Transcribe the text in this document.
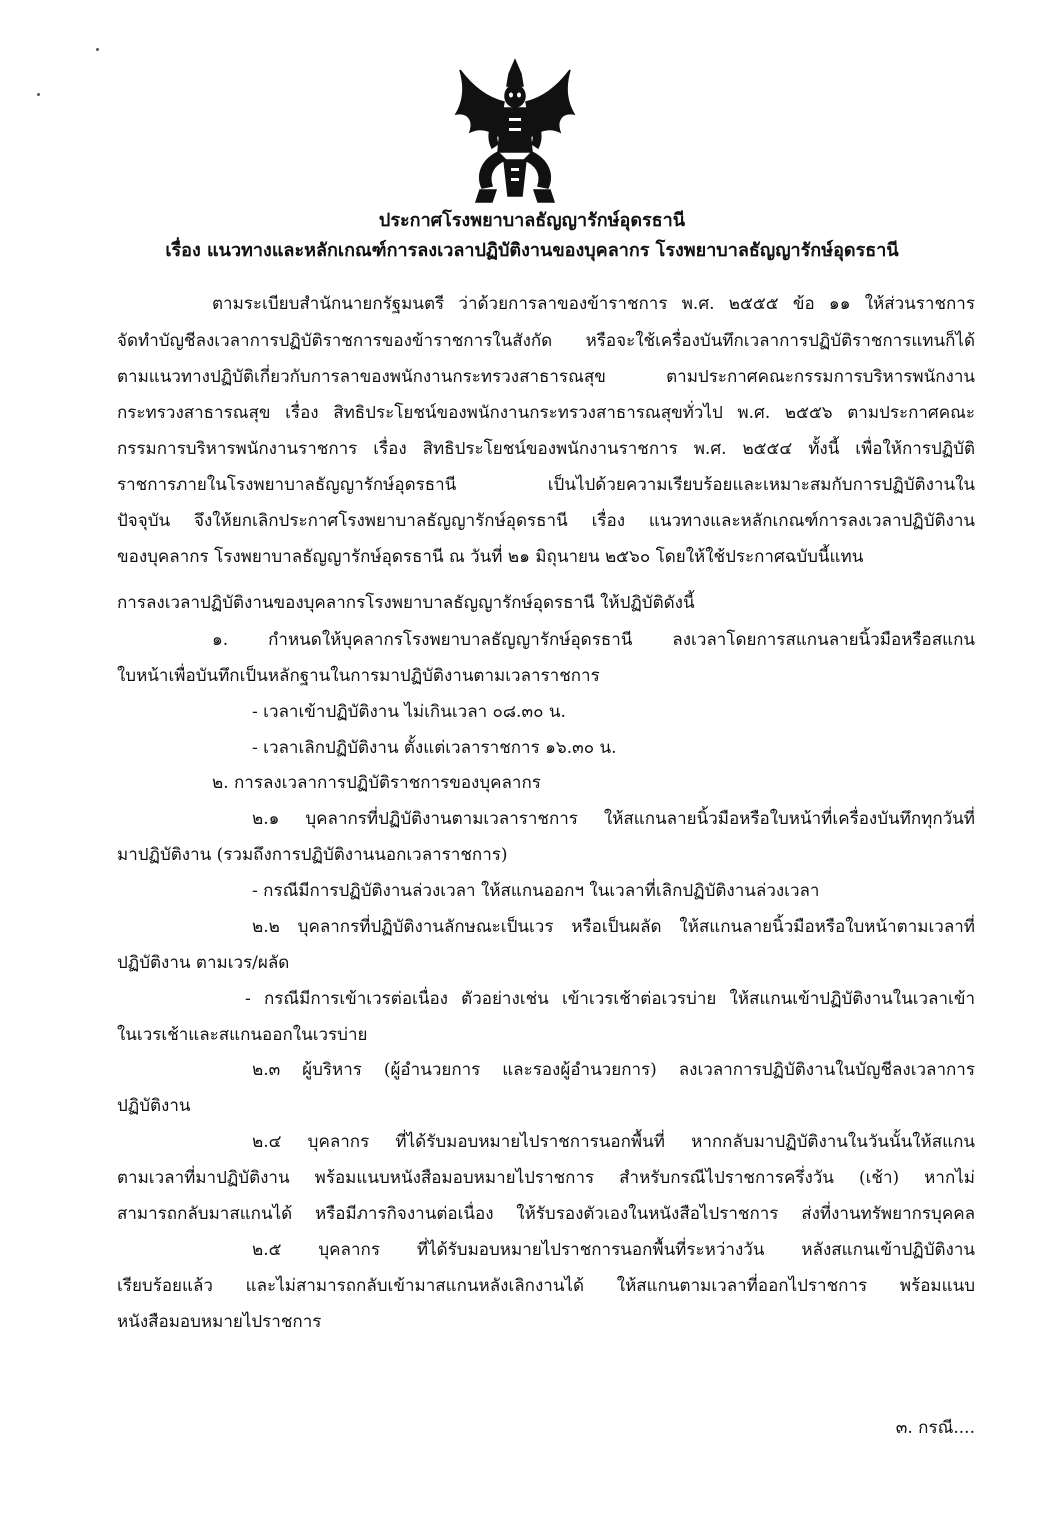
ประกาศโรงพยาบาลธัญญารักษ์อุดรธานี
เรื่อง แนวทางและหลักเกณฑ์การลงเวลาปฏิบัติงานของบุคลากร โรงพยาบาลธัญญารักษ์อุดรธานี
ตามระเบียบสำนักนายกรัฐมนตรี ว่าด้วยการลาของข้าราชการ พ.ศ. ๒๕๕๕ ข้อ ๑๑ ให้ส่วนราชการ
จัดทำบัญชีลงเวลาการปฏิบัติราชการของข้าราชการในสังกัด หรือจะใช้เครื่องบันทึกเวลาการปฏิบัติราชการแทนก็ได้
ตามแนวทางปฏิบัติเกี่ยวกับการลาของพนักงานกระทรวงสาธารณสุข ตามประกาศคณะกรรมการบริหารพนักงาน
กระทรวงสาธารณสุข เรื่อง สิทธิประโยชน์ของพนักงานกระทรวงสาธารณสุขทั่วไป พ.ศ. ๒๕๕๖ ตามประกาศคณะ
กรรมการบริหารพนักงานราชการ เรื่อง สิทธิประโยชน์ของพนักงานราชการ พ.ศ. ๒๕๕๔ ทั้งนี้ เพื่อให้การปฏิบัติ
ราชการภายในโรงพยาบาลธัญญารักษ์อุดรธานี เป็นไปด้วยความเรียบร้อยและเหมาะสมกับการปฏิบัติงานใน
ปัจจุบัน จึงให้ยกเลิกประกาศโรงพยาบาลธัญญารักษ์อุดรธานี เรื่อง แนวทางและหลักเกณฑ์การลงเวลาปฏิบัติงาน
ของบุคลากร โรงพยาบาลธัญญารักษ์อุดรธานี ณ วันที่ ๒๑ มิถุนายน ๒๕๖๐ โดยให้ใช้ประกาศฉบับนี้แทน
การลงเวลาปฏิบัติงานของบุคลากรโรงพยาบาลธัญญารักษ์อุดรธานี ให้ปฏิบัติดังนี้
๑. กำหนดให้บุคลากรโรงพยาบาลธัญญารักษ์อุดรธานี ลงเวลาโดยการสแกนลายนิ้วมือหรือสแกน
ใบหน้าเพื่อบันทึกเป็นหลักฐานในการมาปฏิบัติงานตามเวลาราชการ
- เวลาเข้าปฏิบัติงาน ไม่เกินเวลา ๐๘.๓๐ น.
- เวลาเลิกปฏิบัติงาน ตั้งแต่เวลาราชการ ๑๖.๓๐ น.
๒. การลงเวลาการปฏิบัติราชการของบุคลากร
๒.๑ บุคลากรที่ปฏิบัติงานตามเวลาราชการ ให้สแกนลายนิ้วมือหรือใบหน้าที่เครื่องบันทึกทุกวันที่
มาปฏิบัติงาน (รวมถึงการปฏิบัติงานนอกเวลาราชการ)
- กรณีมีการปฏิบัติงานล่วงเวลา ให้สแกนออกฯ ในเวลาที่เลิกปฏิบัติงานล่วงเวลา
๒.๒ บุคลากรที่ปฏิบัติงานลักษณะเป็นเวร หรือเป็นผลัด ให้สแกนลายนิ้วมือหรือใบหน้าตามเวลาที่
ปฏิบัติงาน ตามเวร/ผลัด
- กรณีมีการเข้าเวรต่อเนื่อง ตัวอย่างเช่น เข้าเวรเช้าต่อเวรบ่าย ให้สแกนเข้าปฏิบัติงานในเวลาเข้า
ในเวรเช้าและสแกนออกในเวรบ่าย
๒.๓ ผู้บริหาร (ผู้อำนวยการ และรองผู้อำนวยการ) ลงเวลาการปฏิบัติงานในบัญชีลงเวลาการ
ปฏิบัติงาน
๒.๔ บุคลากร ที่ได้รับมอบหมายไปราชการนอกพื้นที่ หากกลับมาปฏิบัติงานในวันนั้นให้สแกน
ตามเวลาที่มาปฏิบัติงาน พร้อมแนบหนังสือมอบหมายไปราชการ สำหรับกรณีไปราชการครึ่งวัน (เช้า) หากไม่
สามารถกลับมาสแกนได้ หรือมีภารกิจงานต่อเนื่อง ให้รับรองตัวเองในหนังสือไปราชการ ส่งที่งานทรัพยากรบุคคล
๒.๕ บุคลากร ที่ได้รับมอบหมายไปราชการนอกพื้นที่ระหว่างวัน หลังสแกนเข้าปฏิบัติงาน
เรียบร้อยแล้ว และไม่สามารถกลับเข้ามาสแกนหลังเลิกงานได้ ให้สแกนตามเวลาที่ออกไปราชการ พร้อมแนบ
หนังสือมอบหมายไปราชการ
๓. กรณี....
